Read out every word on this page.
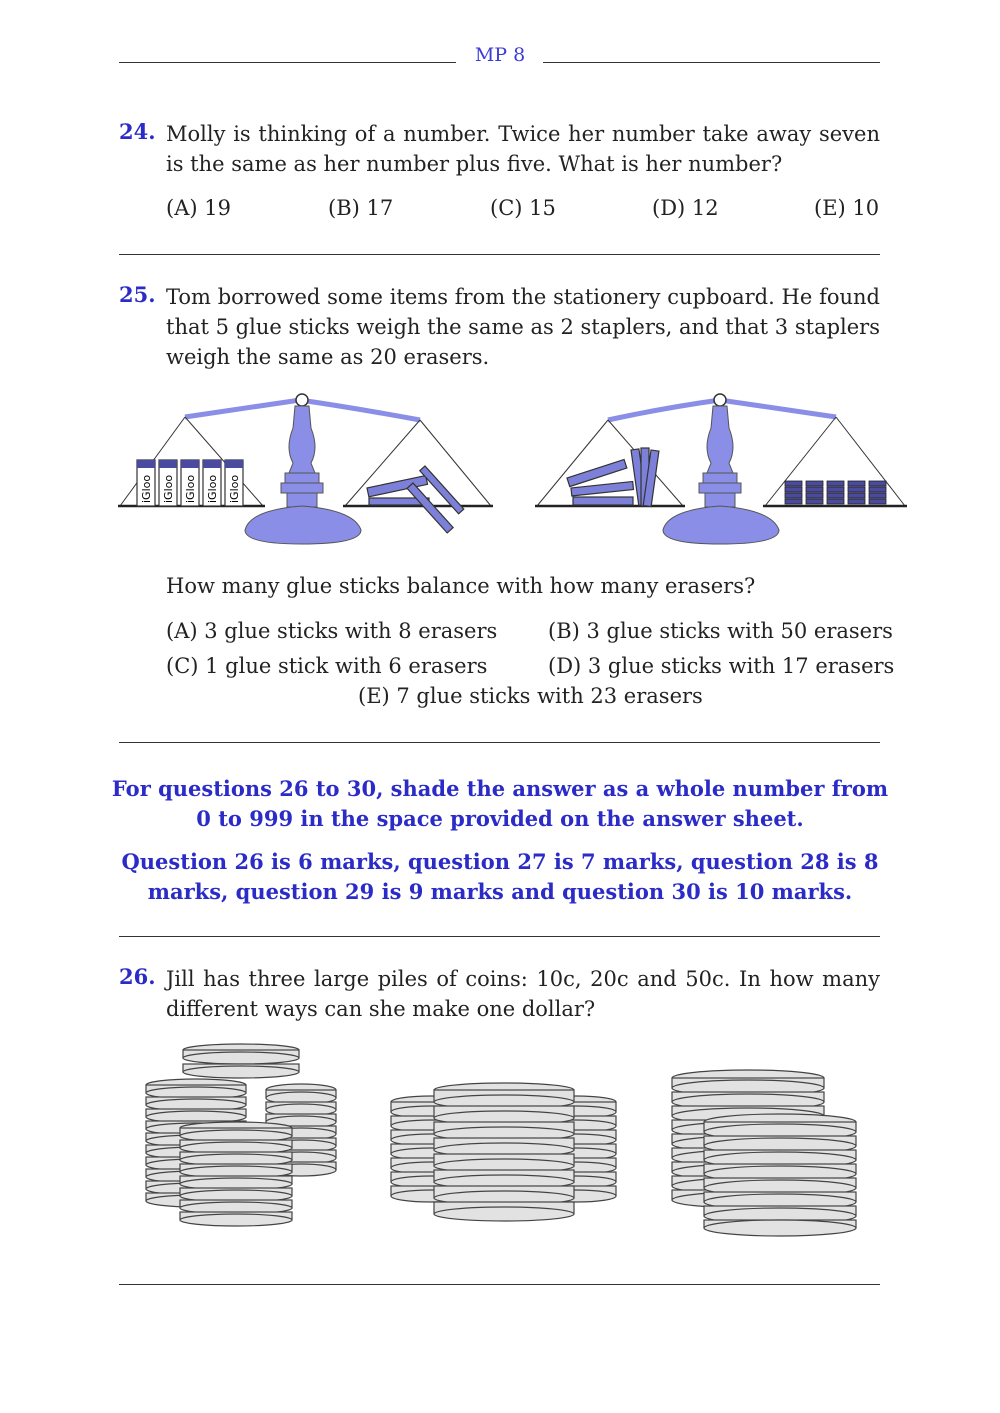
MP 8
24. Molly is thinking of a number. Twice her number take away seven is the same as her number plus five. What is her number?
(A) 19	(B) 17	(C) 15	(D) 12	(E) 10
25. Tom borrowed some items from the stationery cupboard. He found that 5 glue sticks weigh the same as 2 staplers, and that 3 staplers weigh the same as 20 erasers.
iGloo iGloo iGloo iGloo iGloo
How many glue sticks balance with how many erasers?
(A) 3 glue sticks with 8 erasers (B) 3 glue sticks with 50 erasers
(C) 1 glue stick with 6 erasers	(D) 3 glue sticks with 17 erasers
(E) 7 glue sticks with 23 erasers
For questions 26 to 30, shade the answer as a whole number from 0 to 999 in the space provided on the answer sheet.
Question 26 is 6 marks, question 27 is 7 marks, question 28 is 8 marks, question 29 is 9 marks and question 30 is 10 marks.
26. Jill has three large piles of coins: 10c, 20c and 50c. In how many different ways can she make one dollar?
